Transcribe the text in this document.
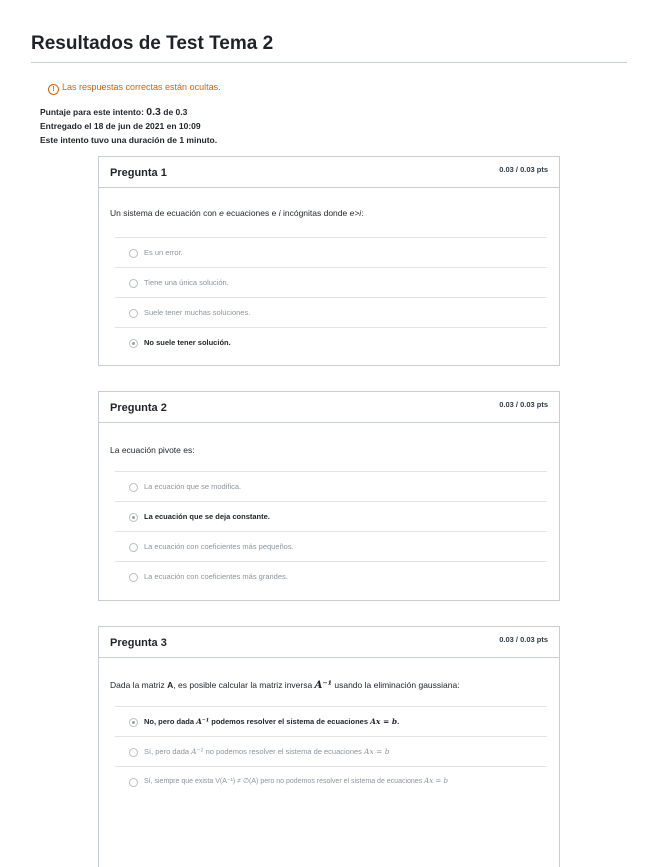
Resultados de Test Tema 2
! Las respuestas correctas están ocultas.
Puntaje para este intento: 0.3 de 0.3
Entregado el 18 de jun de 2021 en 10:09
Este intento tuvo una duración de 1 minuto.
Pregunta 1	0.03 / 0.03 pts
Un sistema de ecuación con e ecuaciones e i incógnitas donde e>i:
Es un error.
Tiene una única solución.
Suele tener muchas soluciones.
No suele tener solución.
Pregunta 2	0.03 / 0.03 pts
La ecuación pivote es:
La ecuación que se modifica.
La ecuación que se deja constante.
La ecuación con coeficientes más pequeños.
La ecuación con coeficientes más grandes.
Pregunta 3	0.03 / 0.03 pts
Dada la matriz A, es posible calcular la matriz inversa A⁻¹ usando la eliminación gaussiana:
No, pero dada A⁻¹ podemos resolver el sistema de ecuaciones Ax = b.
Sí, pero dada A⁻¹ no podemos resolver el sistema de ecuaciones Ax = b
Sí, siempre que exista V(A⁻¹) ≠ ∅(A) pero no podemos resolver el sistema de ecuaciones Ax = b
